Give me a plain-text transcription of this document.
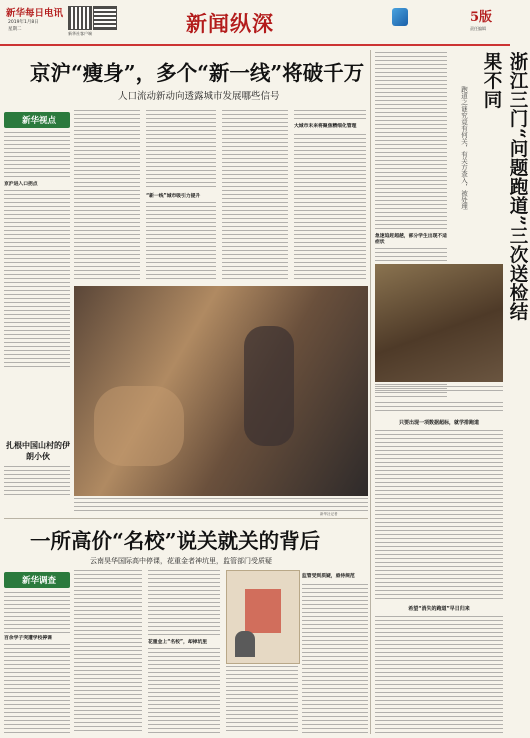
新华每日电讯
2019年1月8日
星期二
新华社客户端	新闻纵深	5版
责任编辑
浙江三门“问题跑道”三次送检结果不同
跑道之谜究竟有何关，有关方查入，被处理
急速追赶超越，部分学生出现不适症状
只要出现一项数据超标，就学排跑道
希望“消失的跑道”早日归来
京沪“瘦身”，多个“新一线”将破千万
人口流动新动向透露城市发展哪些信号
新华视点
京沪进入口拐点
“新一线”城市吸引力提升
大城市未来将聚焦精细化管理
扎根中国山村的伊朗小伙
新华社记者
一所高价“名校”说关就关的背后
云南昊华国际高中停课，花重金者神坑里，监管部门受质疑
新华调查
百余学子突遭学校停课
花重金上“名校”，却掉坑里
监管受到质疑，亟待规范
